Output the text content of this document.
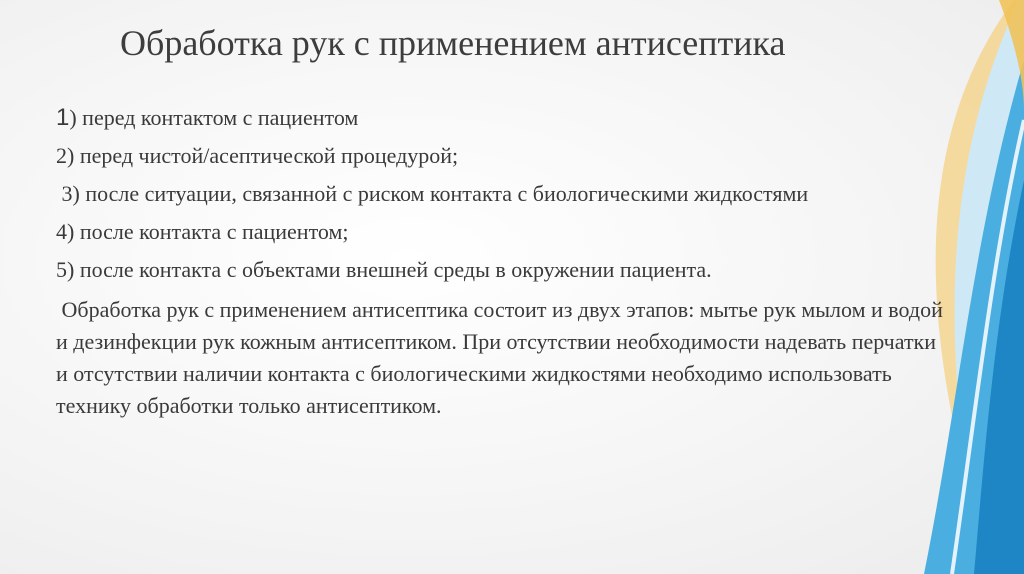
Обработка рук с применением антисептика

1) перед контактом с пациентом

2) перед чистой/асептической процедурой;

3) после ситуации, связанной с риском контакта с биологическими жидкостями

4) после контакта с пациентом;

5) после контакта с объектами внешней среды в окружении пациента.

Обработка рук с применением антисептика состоит из двух этапов: мытье рук мылом и водой и дезинфекции рук кожным антисептиком. При отсутствии необходимости надевать перчатки и отсутствии наличии контакта с биологическими жидкостями необходимо использовать технику обработки только антисептиком.
